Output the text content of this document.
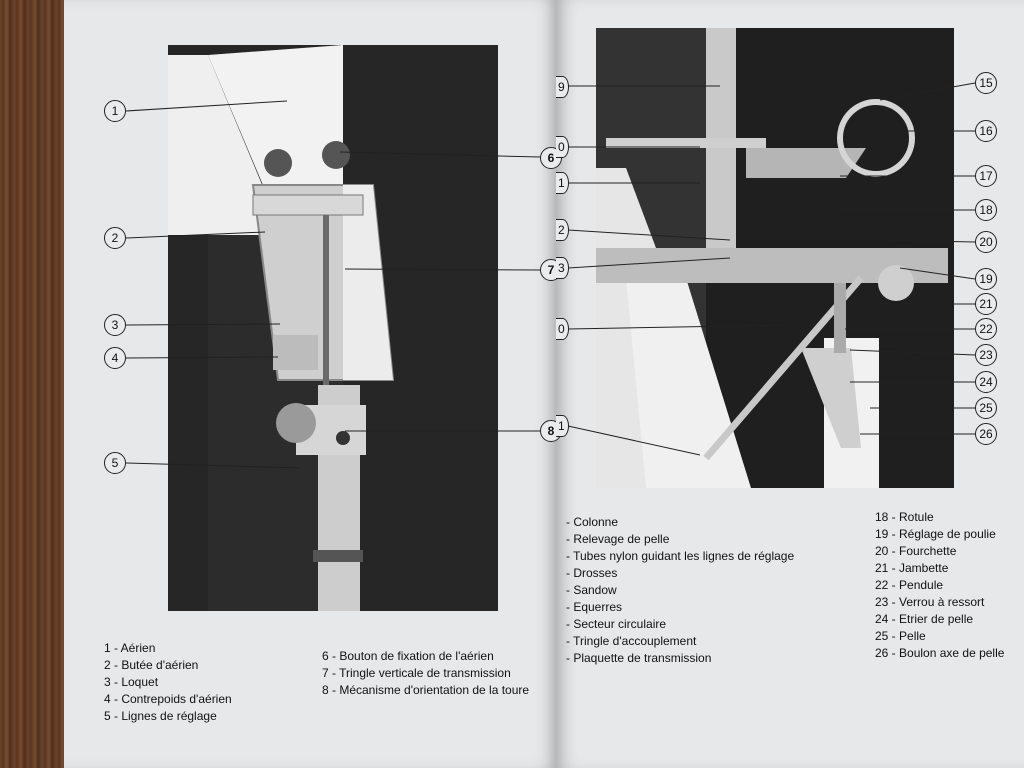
1
2
3
4
5
6
7
8
9
0
1
2
3
0
1
15
16
17
18
20
19
21
22
23
24
25
26
1 - Aérien
2 - Butée d'aérien
3 - Loquet
4 - Contrepoids d'aérien
5 - Lignes de réglage
6 - Bouton de fixation de l'aérien
7 - Tringle verticale de transmission
8 - Mécanisme d'orientation de la toure
- Colonne
- Relevage de pelle
- Tubes nylon guidant les lignes de réglage
- Drosses
- Sandow
- Equerres
- Secteur circulaire
- Tringle d'accouplement
- Plaquette de transmission
18 - Rotule
19 - Réglage de poulie
20 - Fourchette
21 - Jambette
22 - Pendule
23 - Verrou à ressort
24 - Etrier de pelle
25 - Pelle
26 - Boulon axe de pelle
